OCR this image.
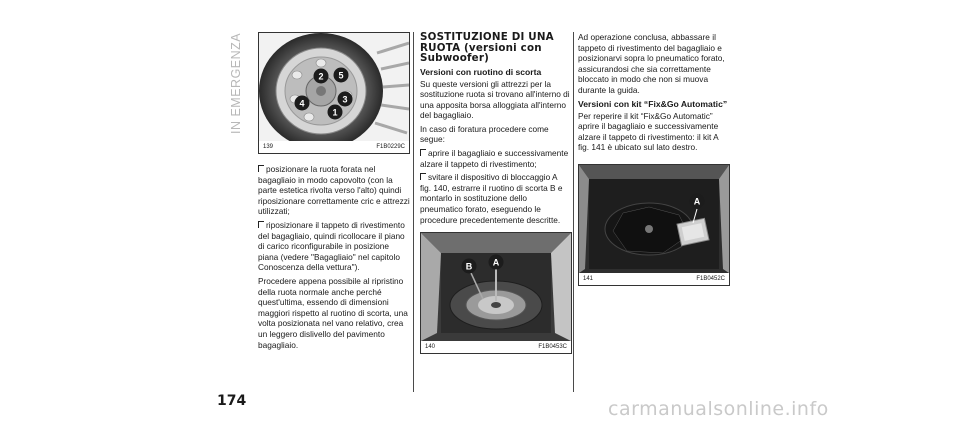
IN EMERGENZA	1
2
3
4
5
139	F1B0229C
posizionare la ruota forata nel bagagliaio in modo capovolto (con la parte estetica rivolta verso l'alto) quindi riposizionare correttamente cric e attrezzi utilizzati;
riposizionare il tappeto di rivestimento del bagagliaio, quindi ricollocare il piano di carico riconfigurabile in posizione piana (vedere "Bagagliaio" nel capitolo Conoscenza della vettura").

Procedere appena possibile al ripristino della ruota normale anche perché quest'ultima, essendo di dimensioni maggiori rispetto al ruotino di scorta, una volta posizionata nel vano relativo, crea un leggero dislivello del pavimento bagagliaio.

SOSTITUZIONE DI UNA RUOTA (versioni con Subwoofer)
Versioni con ruotino di scorta

Su queste versioni gli attrezzi per la sostituzione ruota si trovano all'interno di una apposita borsa alloggiata all'interno del bagagliaio.

In caso di foratura procedere come segue:

aprire il bagagliaio e successivamente alzare il tappeto di rivestimento;
svitare il dispositivo di bloccaggio A fig. 140, estrarre il ruotino di scorta B e montarlo in sostituzione dello pneumatico forato, eseguendo le procedure precedentemente descritte.
B A
140	F1B0453C

Ad operazione conclusa, abbassare il tappeto di rivestimento del bagagliaio e posizionarvi sopra lo pneumatico forato, assicurandosi che sia correttamente bloccato in modo che non si muova durante la guida.

Versioni con kit “Fix&Go Automatic”

Per reperire il kit “Fix&Go Automatic” aprire il bagagliaio e successivamente alzare il tappeto di rivestimento: il kit A fig. 141 è ubicato sul lato destro.

A
141	F1B0452C
174	carmanualsonline.info
